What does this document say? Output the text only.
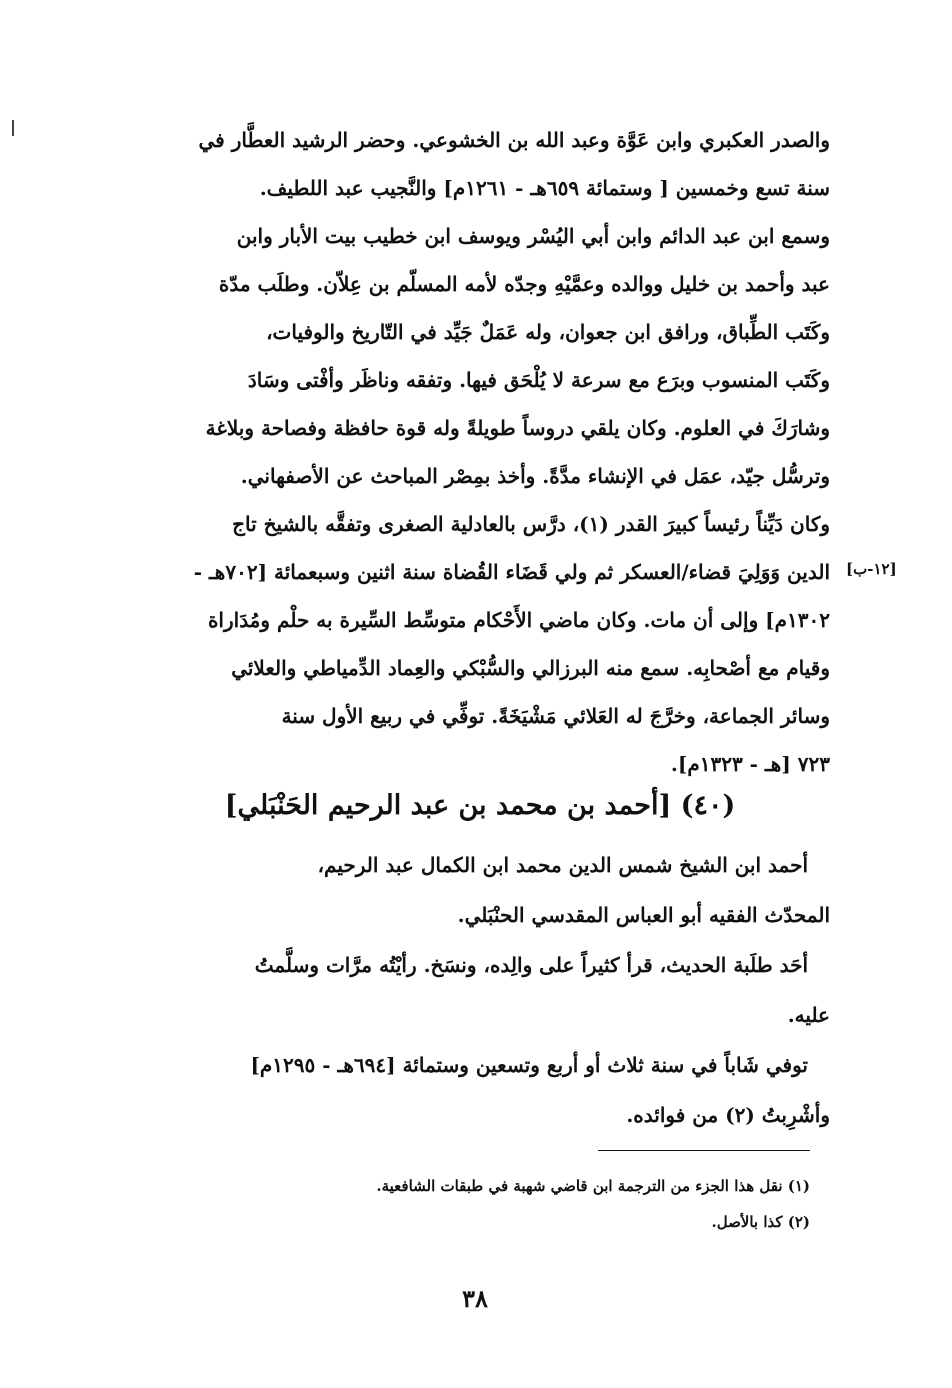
[١٢-ب]
والصدر العكبري وابن عَوَّة وعبد الله بن الخشوعي. وحضر الرشيد العطَّار في
سنة تسع وخمسين [ وستمائة ٦٥٩هـ - ١٢٦١م] والنَّجيب عبد اللطيف.
وسمع ابن عبد الدائم وابن أبي اليُسْر ويوسف ابن خطيب بيت الأبار وابن
عبد وأحمد بن خليل ووالده وعمَّيْهِ وجدّه لأمه المسلّم بن عِلاّن. وطلَب مدّة
وكَتَب الطِّباق، ورافق ابن جعوان، وله عَمَلٌ جَيِّد في التّاريخ والوفيات،
وكَتَب المنسوب وبرَع مع سرعة لا يُلْحَق فيها. وتفقه وناظَر وأفْتى وسَادَ
وشارَكَ في العلوم. وكان يلقي دروساً طويلةً وله قوة حافظة وفصاحة وبلاغة
وترسُّل جيّد، عمَل في الإنشاء مدَّةً. وأخذ بمِصْر المباحث عن الأصفهاني.
وكان دَيِّناً رئيساً كبيرَ القدر (١)، درَّس بالعادلية الصغرى وتفقَّه بالشيخ تاج
الدين وَوَلِيَ قضاء/العسكر ثم ولي قَضَاء القُضاة سنة اثنين وسبعمائة [٧٠٢هـ -
١٣٠٢م] وإلى أن مات. وكان ماضي الأَحْكام متوسِّط السِّيرة به حلْم ومُدَاراة
وقيام مع أصْحابِه. سمع منه البرزالي والسُّبْكي والعِماد الدِّمياطي والعلائي
وسائر الجماعة، وخرَّجَ له العَلائي مَشْيَخَةً. توفِّي في ربيع الأول سنة
٧٢٣ [هـ - ١٣٢٣م].
(٤٠) [أحمد بن محمد بن عبد الرحيم الحَنْبَلي]
أحمد ابن الشيخ شمس الدين محمد ابن الكمال عبد الرحيم،
المحدّث الفقيه أبو العباس المقدسي الحنْبَلي.
أحَد طلَبة الحديث، قرأ كثيراً على والِده، ونسَخ. رأيْتُه مرَّات وسلَّمتُ
عليه.
توفي شَاباً في سنة ثلاث أو أربع وتسعين وستمائة [٦٩٤هـ - ١٢٩٥م]
وأشْرِبتُ (٢) من فوائده.
(١) نقل هذا الجزء من الترجمة ابن قاضي شهبة في طبقات الشافعية.
(٢) كذا بالأصل.
٣٨
